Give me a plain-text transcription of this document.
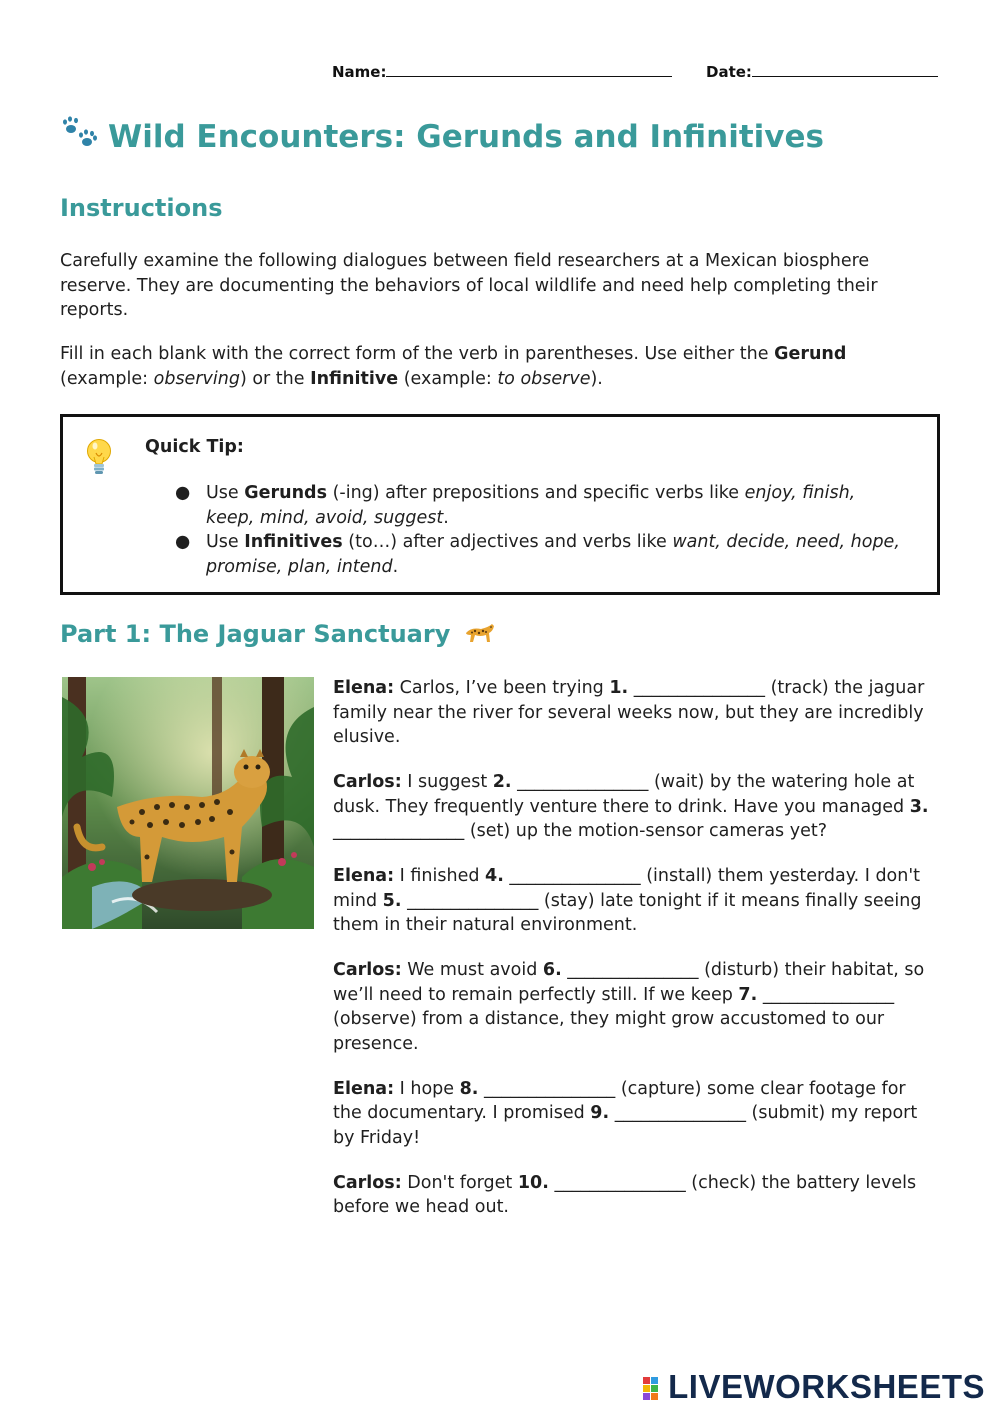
Name:	Date:
Wild Encounters: Gerunds and Infinitives
Instructions

Carefully examine the following dialogues between field researchers at a Mexican biosphere reserve. They are documenting the behaviors of local wildlife and need help completing their reports.

Fill in each blank with the correct form of the verb in parentheses. Use either the Gerund (example: observing) or the Infinitive (example: to observe).

Quick Tip:
● Use Gerunds (-ing) after prepositions and specific verbs like enjoy, finish, keep, mind, avoid, suggest.
● Use Infinitives (to…) after adjectives and verbs like want, decide, need, hope, promise, plan, intend.
Part 1: The Jaguar Sanctuary

Elena: Carlos, I’ve been trying 1. _______________ (track) the jaguar family near the river for several weeks now, but they are incredibly elusive.

Carlos: I suggest 2. _______________ (wait) by the watering hole at dusk. They frequently venture there to drink. Have you managed 3. _______________ (set) up the motion-sensor cameras yet?

Elena: I finished 4. _______________ (install) them yesterday. I don't mind 5. _______________ (stay) late tonight if it means finally seeing them in their natural environment.

Carlos: We must avoid 6. _______________ (disturb) their habitat, so we’ll need to remain perfectly still. If we keep 7. _______________ (observe) from a distance, they might grow accustomed to our presence.

Elena: I hope 8. _______________ (capture) some clear footage for the documentary. I promised 9. _______________ (submit) my report by Friday!

Carlos: Don't forget 10. _______________ (check) the battery levels before we head out.

LIVEWORKSHEETS
